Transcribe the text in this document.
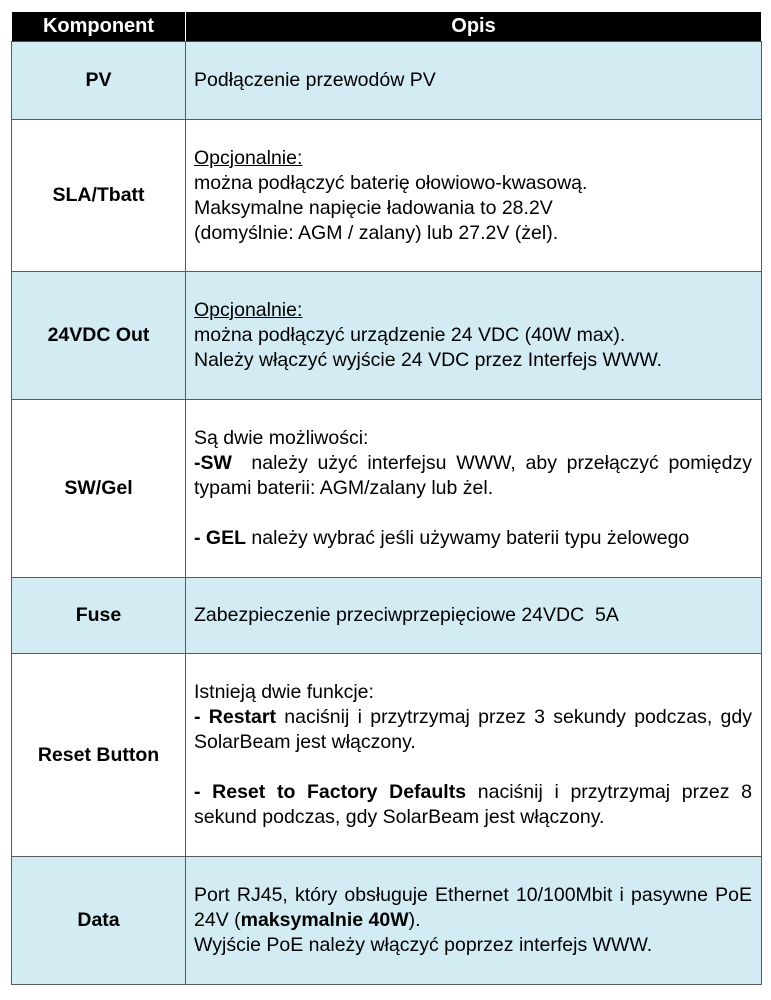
Komponent	Opis
PV	Podłączenie przewodów PV

SLA/Tbatt	Opcjonalnie:
można podłączyć baterię ołowiowo-kwasową.
Maksymalne napięcie ładowania to 28.2V
(domyślnie: AGM / zalany) lub 27.2V (żel).

24VDC Out	Opcjonalnie:
można podłączyć urządzenie 24 VDC (40W max).
Należy włączyć wyjście 24 VDC przez Interfejs WWW.

SW/Gel	Są dwie możliwości:
-SW  należy użyć interfejsu WWW, aby przełączyć pomiędzy typami baterii: AGM/zalany lub żel.
- GEL należy wybrać jeśli używamy baterii typu żelowego

Fuse	Zabezpieczenie przeciwprzepięciowe 24VDC  5A

Reset Button	Istnieją dwie funkcje:
- Restart naciśnij i przytrzymaj przez 3 sekundy podczas, gdy SolarBeam jest włączony.
- Reset to Factory Defaults naciśnij i przytrzymaj przez 8 sekund podczas, gdy SolarBeam jest włączony.

Data	Port RJ45, który obsługuje Ethernet 10/100Mbit i pasywne PoE 24V (maksymalnie 40W).
Wyjście PoE należy włączyć poprzez interfejs WWW.
